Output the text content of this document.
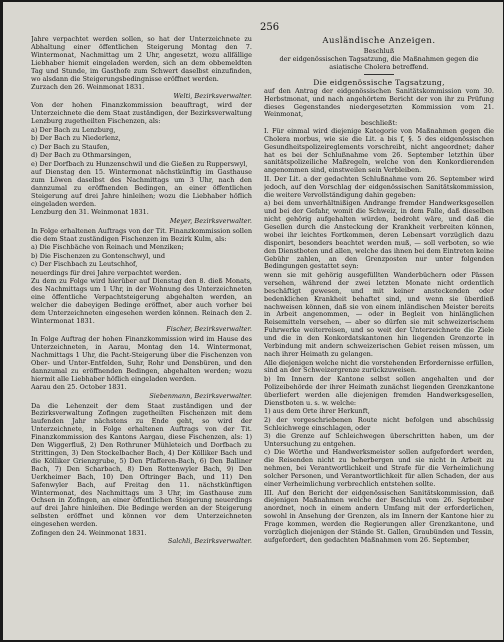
256

Jahre verpachtet werden sollen, so hat der Unterzeichnete zu Abhaltung einer öffentlichen Steigerung Montag den 7. Wintermonat, Nachmittag um 2 Uhr, angesetzt, wozu allfällige Liebhaber hiemit eingeladen werden, sich an dem obbemeldten Tag und Stunde, im Gasthofe zum Schwert daselbst einzufinden, wo alsdann die Steigerungsbedingnisse eröffnet werden.

Zurzach den 26. Weinmonat 1831.

Welti, Bezirksverwalter.

Von der hohen Finanzkommission beauftragt, wird der Unterzeichnete die dem Staat zuständigen, der Bezirksverwaltung Lenzburg zugetheilten Fischenzen, als:

a) Der Bach zu Lenzburg,

b) Der Bach zu Niederlenz,

c) Der Bach zu Staufen,

d) Der Bach zu Othmarsingen,

e) Der Dorfbach zu Hunzenschwil und die Gießen zu Rupperswyl,

auf Dienstag den 15. Wintermonat nächstkünftig im Gasthause zum Löwen daselbst des Nachmittags um 3 Uhr, nach den dannzumal zu eröffnenden Bedingen, an einer öffentlichen Steigerung auf drei Jahre hinleihen; wozu die Liebhaber höflich eingeladen werden.

Lenzburg den 31. Weinmonat 1831.

Meyer, Bezirksverwalter.

In Folge erhaltenen Auftrags von der Tit. Finanzkommission sollen die dem Staat zuständigen Fischenzen im Bezirk Kulm, als:

a) Die Fischbäche von Reinach und Menziken;

b) Die Fischenzen zu Gontenschwyl, und

c) Der Fischbach zu Leutschhof,

neuerdings für drei Jahre verpachtet werden.

Zu dem zu Folge wird hierüber auf Dienstag den 8. dieß Monats, des Nachmittags um 1 Uhr, in der Wohnung des Unterzeichneten eine öffentliche Verpachtsteigerung abgehalten werden, an welcher die dabeyigen Bedinge eröffnet, aber auch vorher bei dem Unterzeichneten eingesehen werden können. Reinach den 2. Wintermonat 1831.

Fischer, Bezirksverwalter.

In Folge Auftrag der hohen Finanzkommission wird im Hause des Unterzeichneten, in Aarau, Montag den 14. Wintermonat, Nachmittags 1 Uhr, die Pacht-Steigerung über die Fischenzen von Ober- und Unter-Entfelden, Suhr, Rohr und Densbüren, und den dannzumal zu eröffnenden Bedingen, abgehalten werden; wozu hiermit alle Liebhaber höflich eingeladen werden.

Aarau den 25. October 1831.

Siebenmann, Bezirksverwalter.

Da die Lehenzeit der dem Staat zuständigen und der Bezirksverwaltung Zofingen zugetheilten Fischenzen mit dem laufenden Jahr nächstens zu Ende geht, so wird der Unterzeichnete, in Folge erhaltenen Auftrags von der Tit. Finanzkommission des Kantons Aargau, diese Fischenzen, als: 1) Den Wiggerfluß, 2) Den Rothruner Mühleteich und Dorfbach zu Strittingen, 3) Den Stockelbacher Bach, 4) Der Kölliker Bach und die Kölliker Grienzgrube, 5) Den Pfafferen-Bach, 6) Den Balliner Bach, 7) Den Scharbach, 8) Den Rottenwyler Bach, 9) Den Uerkheimer Bach, 10) Den Oftringer Bach, und 11) Den Safenwyler Bach, auf Freitag den 11. nächstkünftigen Wintermonat, des Nachmittags um 3 Uhr, im Gasthause zum Ochsen in Zofingen, an einer öffentlichen Steigerung neuerdings auf drei Jahre hinleihen. Die Bedinge werden an der Steigerung selbsten eröffnet und können vor dem Unterzeichneten eingesehen werden.

Zofingen den 24. Weinmonat 1831.

Salchli, Bezirksverwalter.

Ausländische Anzeigen.

Beschluß

der eidgenössischen Tagsatzung, die Maßnahmen gegen die asiatische Cholera betreffend.

Die eidgenössische Tagsatzung,

auf den Antrag der eidgenössischen Sanitätskommission vom 30. Herbstmonat, und nach angehörtem Bericht der von ihr zu Prüfung dieses Gegenstandes niedergesetzten Kommission vom 21. Weinmonat,

beschließt:

I. Für einmal wird diejenige Kategorie von Maßnahmen gegen die Cholera morbus, wie sie die Lit. a bis f, §. 5 des eidgenössischen Gesundheitspolizeireglements vorschreibt, nicht angeordnet; daher hat es bei der Schlußnahme vom 26. September letzthin über sanitätspolizeiliche Maßregeln, welche von den Konkordierenden angenommen sind, einstweilen sein Verbleiben.

II. Der Lit. a der gedachten Schlußnahme vom 26. September wird jedoch, auf den Vorschlag der eidgenössischen Sanitätskommission, die weitere Vervollständigung dahin gegeben:

a) bei dem unverhältnißigen Andrange fremder Handwerksgesellen und bei der Gefahr, womit die Schweiz, in dem Falle, daß dieselben nicht gehörig aufgehalten würden, bedroht wäre, und daß die Gesellen durch die Ansteckung der Krankheit verbreiten können, wobei ihr leichtes Fortkommen, deren Lebensart vorzüglich dazu disponirt, besonders beachtet werden muß, — soll verboten, so wie den Dienstboten und allen, welche das ihnen bei dem Eintreten keine Gebühr zahlen, an den Grenzposten nur unter folgenden Bedingungen gestattet seyn:

wenn sie mit gehörig ausgefüllten Wanderbüchern oder Pässen versehen, während der zwei letzten Monate nicht ordentlich beschäftigt gewesen, und mit keiner ansteckenden oder bedenklichen Krankheit behaftet sind, und wenn sie überdieß nachweisen können, daß sie von einem inländischen Meister bereits in Arbeit angenommen, — oder in Begleit von hinlänglichen Reisemitteln versehen, — aber so dürfen sie mit schweizerischem Fuhrwerke weiterreisen, und so weit der Unterzeichnete die Ziele und die in den Konkordatskantonen hin liegenden Grenzorte in Verbindung mit andern schweizerischen Gebiet reisen müssen, um nach ihrer Heimath zu gelangen.

Alle diejenigen welche nicht die vorstehenden Erfordernisse erfüllen, sind an der Schweizergrenze zurückzuweisen.

b) Im Innern der Kantone selbst sollen angehalten und der Polizeibehörde der ihrer Heimath zunächst liegenden Grenzkantone überliefert werden alle diejenigen fremden Handwerksgesellen, Dienstboten u. s. w. welche:

1) aus dem Orte ihrer Herkunft,

2) der vorgeschriebenen Route nicht befolgen und abschüssig Schleichwege einschlagen, oder

3) die Grenze auf Schleichwegen überschritten haben, um der Untersuchung zu entgehen.

c) Die Wörthe und Handwerksmeister sollen aufgefordert werden, die Reisenden nicht zu beherbergen und sie nicht in Arbeit zu nehmen, bei Verantwortlichkeit und Strafe für die Verheimlichung solcher Personen, und Verantwortlichkeit für allen Schaden, der aus einer Verheimlichung verbrechlich entstehen sollte.

III. Auf den Bericht der eidgenössischen Sanitätskommission, daß diejenigen Maßnahmen welche der Beschluß vom 26. September anordnet, noch in einem andern Umfang mit der erforderlichen, sowohl in Ansehung der Grenzen, als im Innern der Kantone hier zu Frage kommen, werden die Regierungen aller Grenzkantone, und vorzüglich diejenigen der Stände St. Gallen, Graubünden und Tessin, aufgefordert, den gedachten Maßnahmen vom 26. September,
